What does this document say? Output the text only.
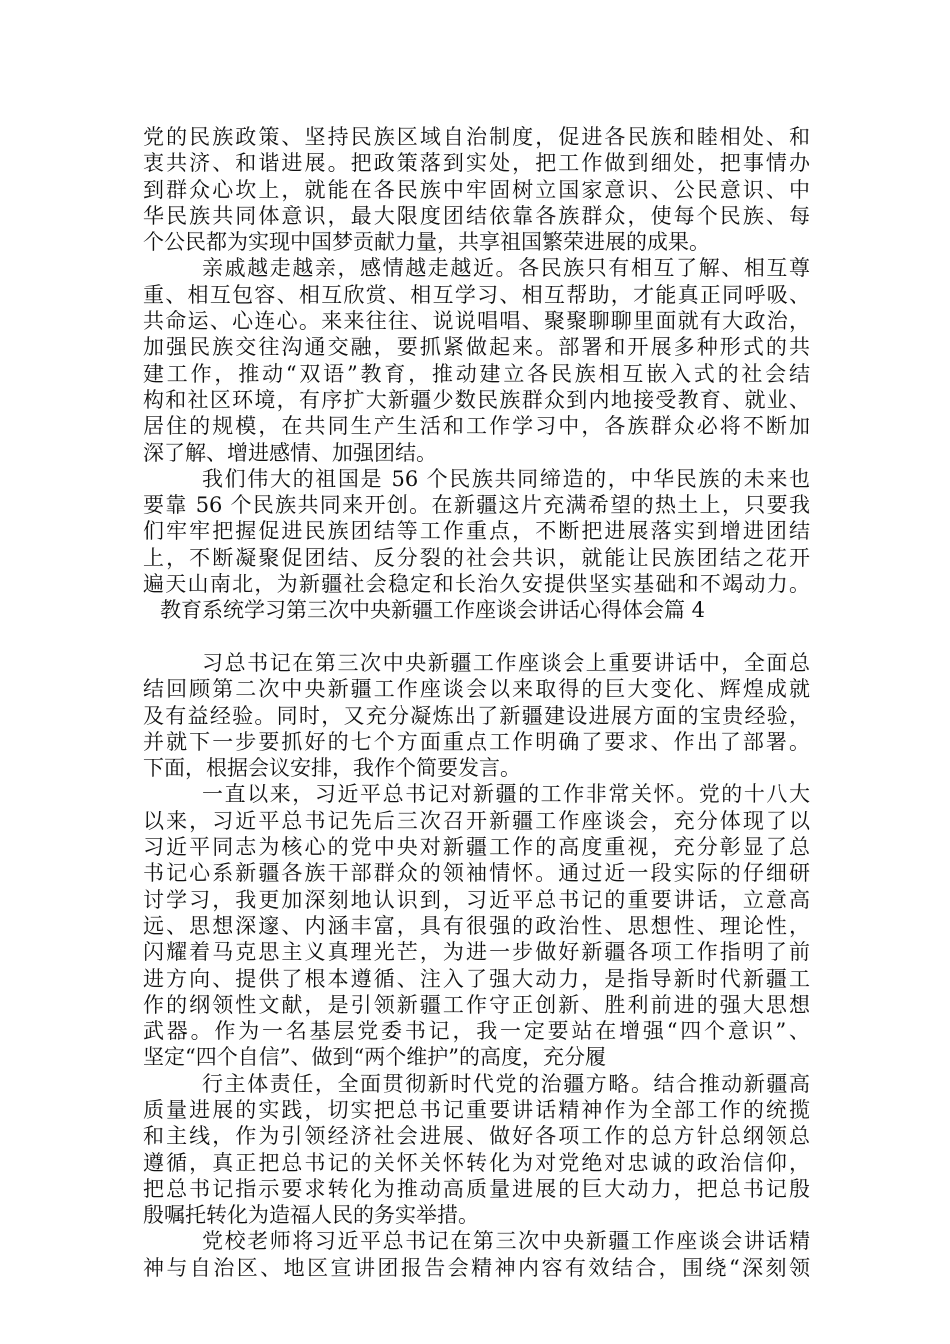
党的民族政策、坚持民族区域自治制度，促进各民族和睦相处、和
衷共济、和谐进展。把政策落到实处，把工作做到细处，把事情办
到群众心坎上，就能在各民族中牢固树立国家意识、公民意识、中
华民族共同体意识，最大限度团结依靠各族群众，使每个民族、每
个公民都为实现中国梦贡献力量，共享祖国繁荣进展的成果。
亲戚越走越亲，感情越走越近。各民族只有相互了解、相互尊
重、相互包容、相互欣赏、相互学习、相互帮助，才能真正同呼吸、
共命运、心连心。来来往往、说说唱唱、聚聚聊聊里面就有大政治，
加强民族交往沟通交融，要抓紧做起来。部署和开展多种形式的共
建工作，推动“双语”教育，推动建立各民族相互嵌入式的社会结
构和社区环境，有序扩大新疆少数民族群众到内地接受教育、就业、
居住的规模，在共同生产生活和工作学习中，各族群众必将不断加
深了解、增进感情、加强团结。
我们伟大的祖国是 56 个民族共同缔造的，中华民族的未来也
要靠 56 个民族共同来开创。在新疆这片充满希望的热土上，只要我
们牢牢把握促进民族团结等工作重点，不断把进展落实到增进团结
上，不断凝聚促团结、反分裂的社会共识，就能让民族团结之花开
遍天山南北，为新疆社会稳定和长治久安提供坚实基础和不竭动力。
教育系统学习第三次中央新疆工作座谈会讲话心得体会篇 4
习总书记在第三次中央新疆工作座谈会上重要讲话中，全面总
结回顾第二次中央新疆工作座谈会以来取得的巨大变化、辉煌成就
及有益经验。同时，又充分凝炼出了新疆建设进展方面的宝贵经验，
并就下一步要抓好的七个方面重点工作明确了要求、作出了部署。
下面，根据会议安排，我作个简要发言。
一直以来，习近平总书记对新疆的工作非常关怀。党的十八大
以来，习近平总书记先后三次召开新疆工作座谈会，充分体现了以
习近平同志为核心的党中央对新疆工作的高度重视，充分彰显了总
书记心系新疆各族干部群众的领袖情怀。通过近一段实际的仔细研
讨学习，我更加深刻地认识到，习近平总书记的重要讲话，立意高
远、思想深邃、内涵丰富，具有很强的政治性、思想性、理论性，
闪耀着马克思主义真理光芒，为进一步做好新疆各项工作指明了前
进方向、提供了根本遵循、注入了强大动力，是指导新时代新疆工
作的纲领性文献，是引领新疆工作守正创新、胜利前进的强大思想
武器。作为一名基层党委书记，我一定要站在增强“四个意识”、
坚定“四个自信”、做到“两个维护”的高度，充分履
行主体责任，全面贯彻新时代党的治疆方略。结合推动新疆高
质量进展的实践，切实把总书记重要讲话精神作为全部工作的统揽
和主线，作为引领经济社会进展、做好各项工作的总方针总纲领总
遵循，真正把总书记的关怀关怀转化为对党绝对忠诚的政治信仰，
把总书记指示要求转化为推动高质量进展的巨大动力，把总书记殷
殷嘱托转化为造福人民的务实举措。
党校老师将习近平总书记在第三次中央新疆工作座谈会讲话精
神与自治区、地区宣讲团报告会精神内容有效结合，围绕“深刻领
